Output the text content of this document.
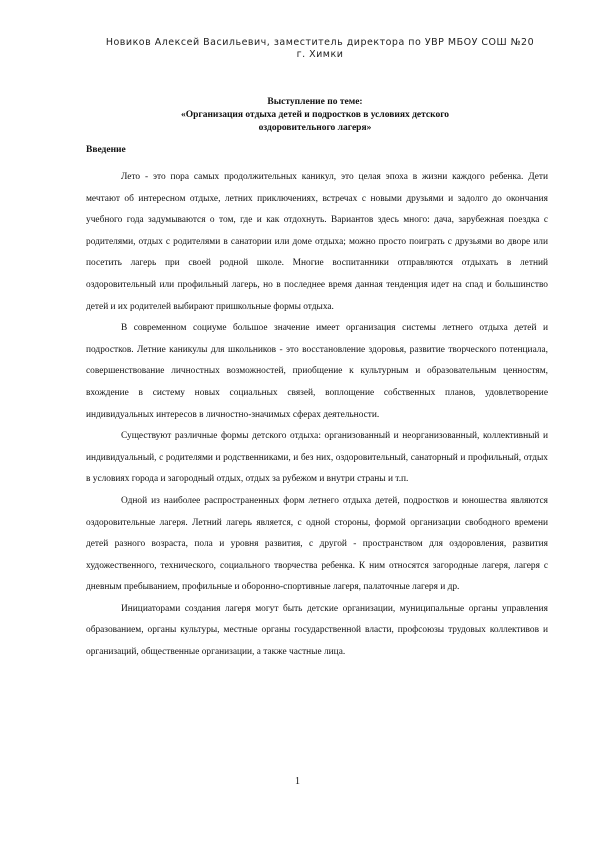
Новиков Алексей Васильевич, заместитель директора по УВР МБОУ СОШ №20
г. Химки
Выступление по теме:
«Организация отдыха детей и подростков в условиях детского
оздоровительного лагеря»
Введение

Лето - это пора самых продолжительных каникул, это целая эпоха в жизни каждого ребенка. Дети мечтают об интересном отдыхе, летних приключениях, встречах с новыми друзьями и задолго до окончания учебного года задумываются о том, где и как отдохнуть. Вариантов здесь много: дача, зарубежная поездка с родителями, отдых с родителями в санатории или доме отдыха; можно просто поиграть с друзьями во дворе или посетить лагерь при своей родной школе. Многие воспитанники отправляются отдыхать в летний оздоровительный или профильный лагерь, но в последнее время данная тенденция идет на спад и большинство детей и их родителей выбирают пришкольные формы отдыха.

В современном социуме большое значение имеет организация системы летнего отдыха детей и подростков. Летние каникулы для школьников - это восстановление здоровья, развитие творческого потенциала, совершенствование личностных возможностей, приобщение к культурным и образовательным ценностям, вхождение в систему новых социальных связей, воплощение собственных планов, удовлетворение индивидуальных интересов в личностно-значимых сферах деятельности.

Существуют различные формы детского отдыха: организованный и неорганизованный, коллективный и индивидуальный, с родителями и родственниками, и без них, оздоровительный, санаторный и профильный, отдых в условиях города и загородный отдых, отдых за рубежом и внутри страны и т.п.

Одной из наиболее распространенных форм летнего отдыха детей, подростков и юношества являются оздоровительные лагеря. Летний лагерь является, с одной стороны, формой организации свободного времени детей разного возраста, пола и уровня развития, с другой - пространством для оздоровления, развития художественного, технического, социального творчества ребенка. К ним относятся загородные лагеря, лагеря с дневным пребыванием, профильные и оборонно-спортивные лагеря, палаточные лагеря и др.

Инициаторами создания лагеря могут быть детские организации, муниципальные органы управления образованием, органы культуры, местные органы государственной власти, профсоюзы трудовых коллективов и организаций, общественные организации, а также частные лица.

1
